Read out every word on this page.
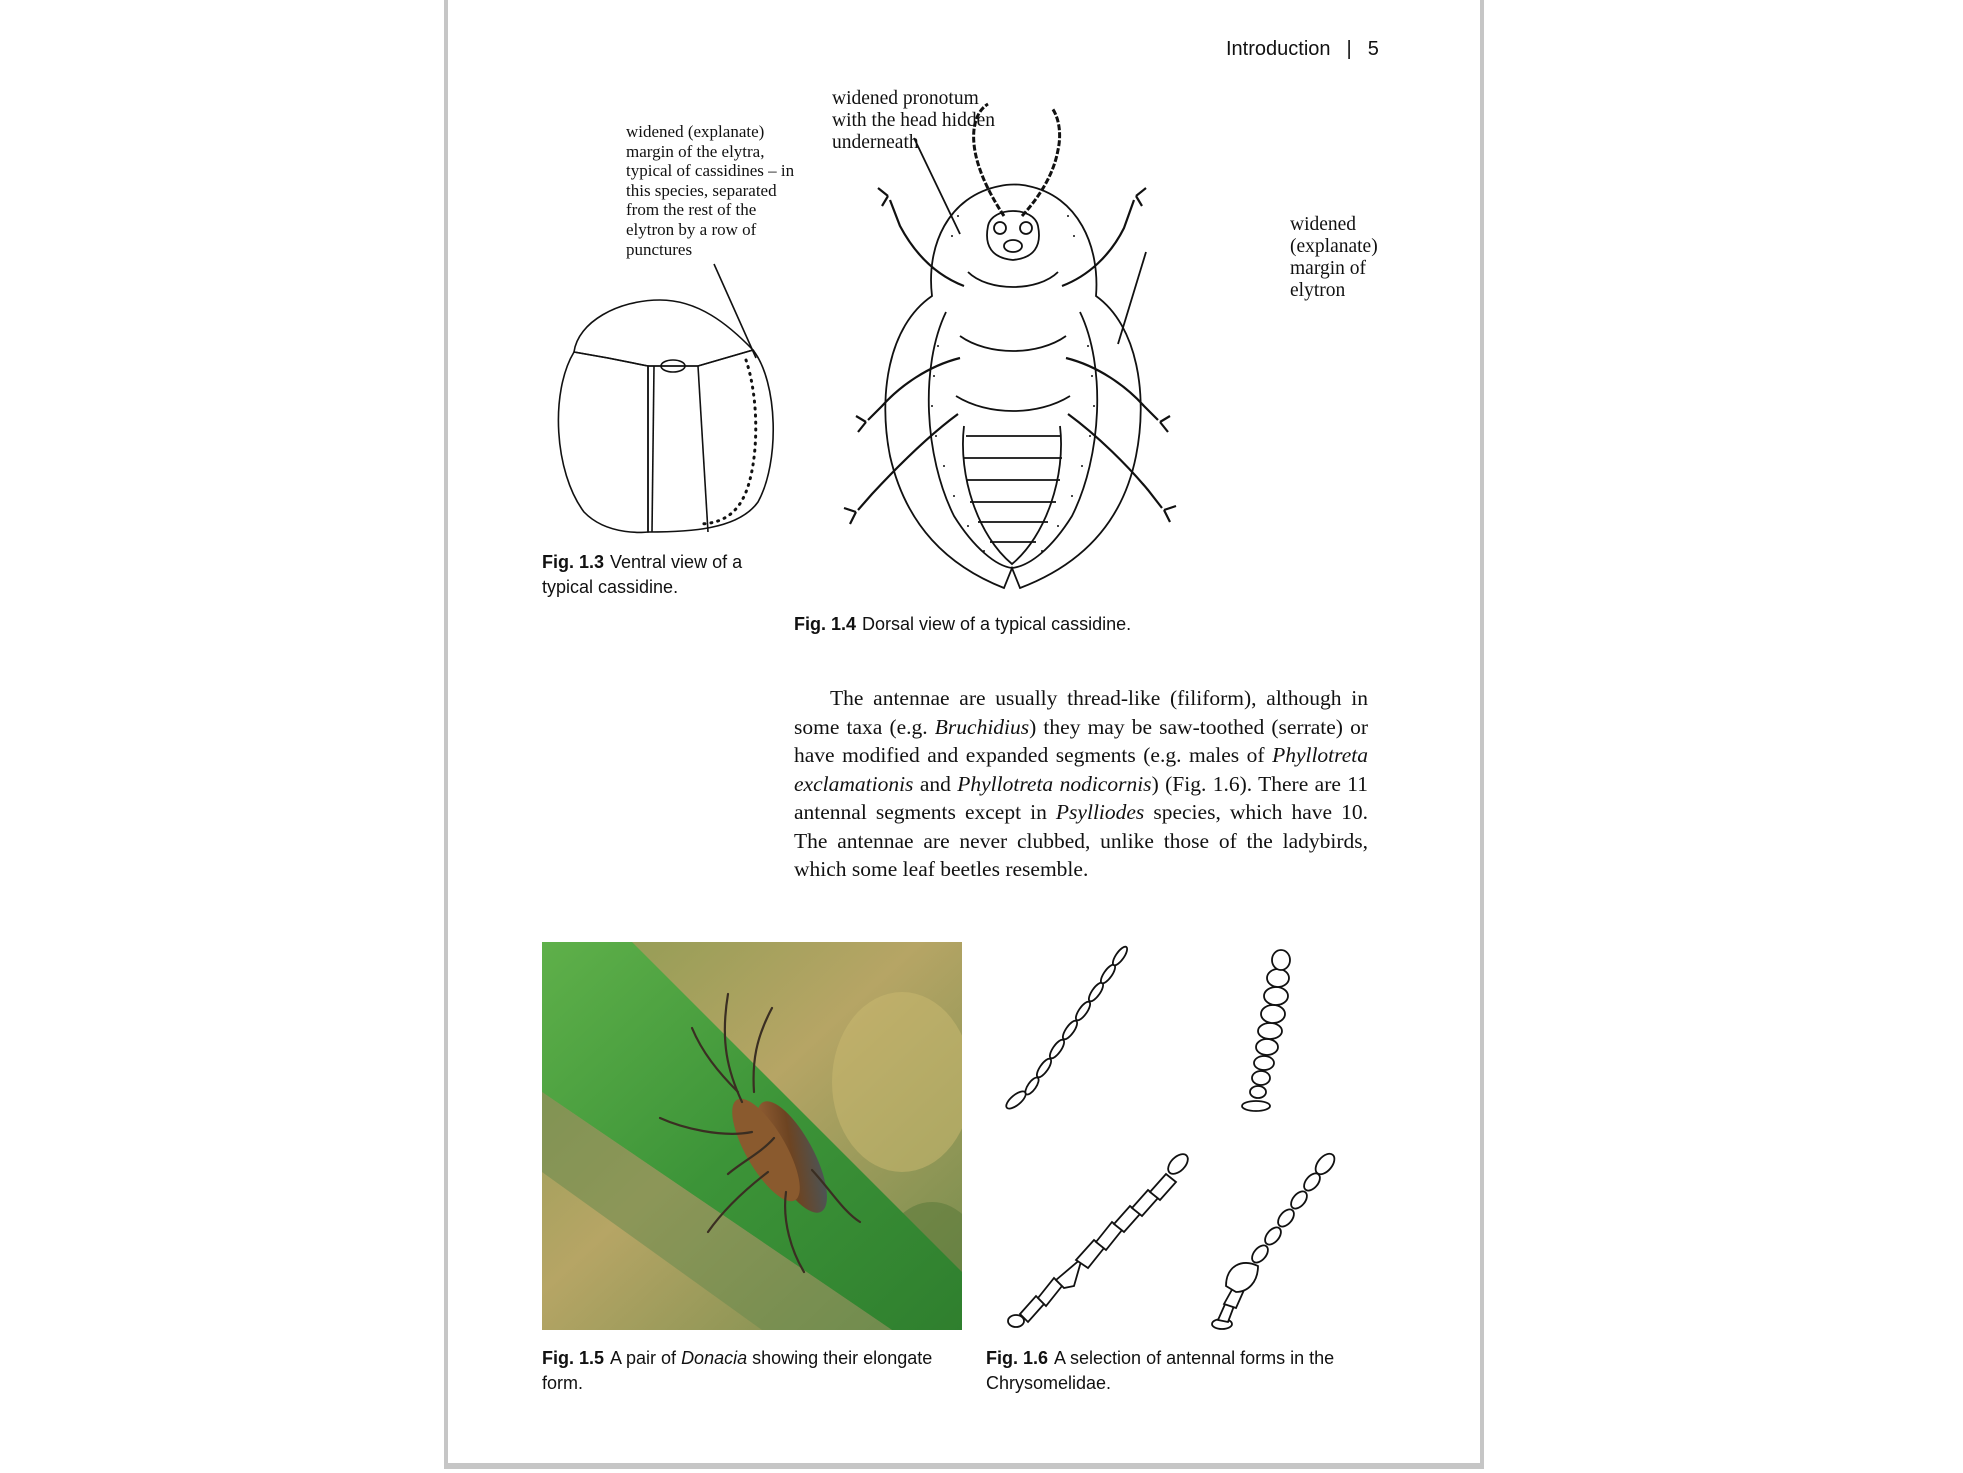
Introduction | 5

widened (explanate) margin of the elytra, typical of cassidines – in this species, separated from the rest of the elytron by a row of punctures

Fig. 1.3 Ventral view of a typical cassidine.
widened pronotum
with the head hidden
underneath
widened
(explanate)
margin of
elytron
Fig. 1.4 Dorsal view of a typical cassidine.

The antennae are usually thread-like (filiform), although in some taxa (e.g. Bruchidius) they may be saw-toothed (serrate) or have modified and expanded segments (e.g. males of Phyllotreta exclamationis and Phyllotreta nodicornis) (Fig. 1.6). There are 11 antennal segments except in Psylliodes species, which have 10. The antennae are never clubbed, unlike those of the ladybirds, which some leaf beetles resemble.

Fig. 1.5 A pair of Donacia showing their elongate form.
Fig. 1.6 A selection of antennal forms in the Chrysomelidae.
